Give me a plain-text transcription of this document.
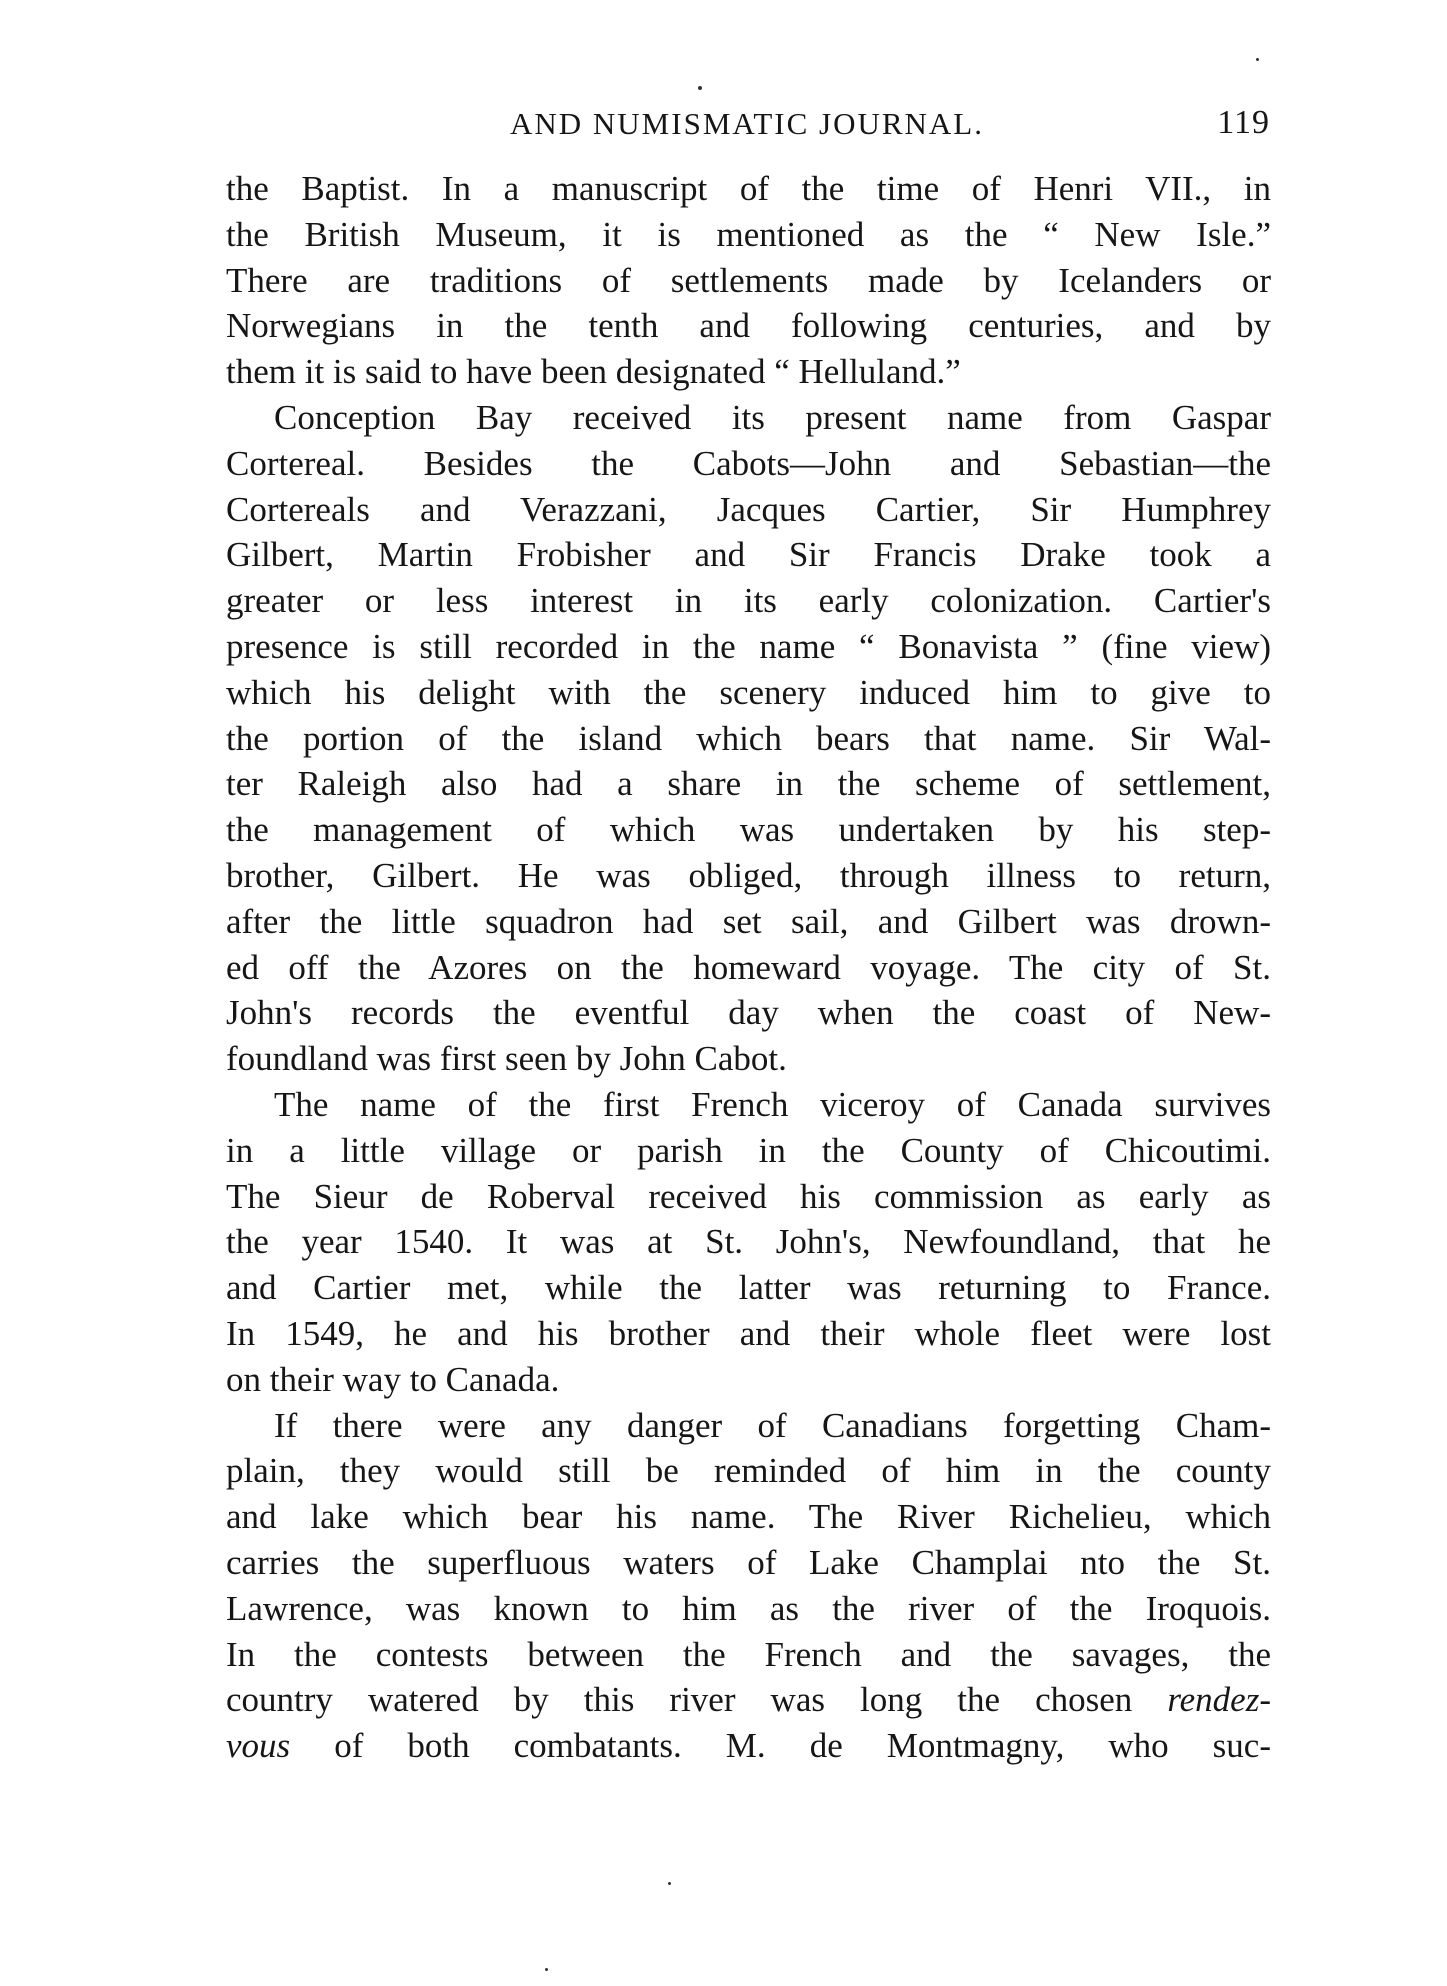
AND NUMISMATIC JOURNAL.	119
the Baptist. In a manuscript of the time of Henri VII., in
the British Museum, it is mentioned as the “ New Isle.”
There are traditions of settlements made by Icelanders or
Norwegians in the tenth and following centuries, and by
them it is said to have been designated “ Helluland.”
Conception Bay received its present name from Gaspar
Cortereal. Besides the Cabots—John and Sebastian—the
Cortereals and Verazzani, Jacques Cartier, Sir Humphrey
Gilbert, Martin Frobisher and Sir Francis Drake took a
greater or less interest in its early colonization. Cartier's
presence is still recorded in the name “ Bonavista ” (fine view)
which his delight with the scenery induced him to give to
the portion of the island which bears that name. Sir Wal-
ter Raleigh also had a share in the scheme of settlement,
the management of which was undertaken by his step-
brother, Gilbert. He was obliged, through illness to return,
after the little squadron had set sail, and Gilbert was drown-
ed off the Azores on the homeward voyage. The city of St.
John's records the eventful day when the coast of New-
foundland was first seen by John Cabot.
The name of the first French viceroy of Canada survives
in a little village or parish in the County of Chicoutimi.
The Sieur de Roberval received his commission as early as
the year 1540. It was at St. John's, Newfoundland, that he
and Cartier met, while the latter was returning to France.
In 1549, he and his brother and their whole fleet were lost
on their way to Canada.
If there were any danger of Canadians forgetting Cham-
plain, they would still be reminded of him in the county
and lake which bear his name. The River Richelieu, which
carries the superfluous waters of Lake Champlai nto the St.
Lawrence, was known to him as the river of the Iroquois.
In the contests between the French and the savages, the
country watered by this river was long the chosen rendez-
vous of both combatants. M. de Montmagny, who suc-
